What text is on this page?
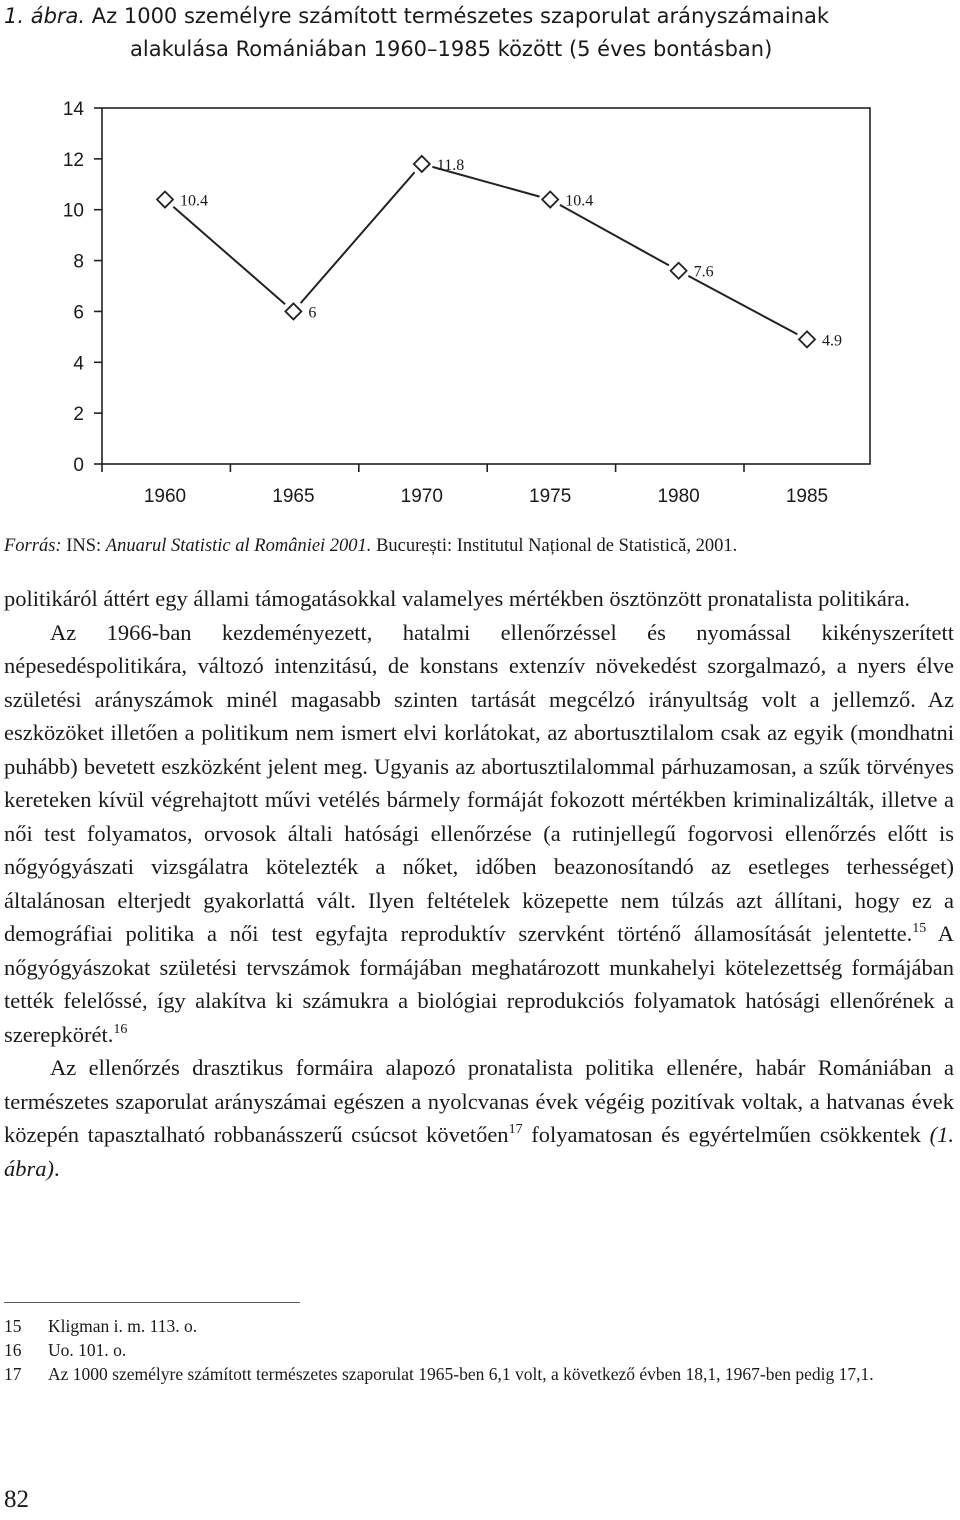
1. ábra. Az 1000 személyre számított természetes szaporulat arányszámainak
alakulása Romániában 1960–1985 között (5 éves bontásban)
0
2
4
6
8
10
12
14
1960	1965	1970	1975	1980	1985
10.4
6
11.8
10.4
7.6
4.9
Forrás: INS: Anuarul Statistic al României 2001. București: Institutul Național de Statistică, 2001.

politikáról áttért egy állami támogatásokkal valamelyes mértékben ösztönzött pronatalista politikára.

Az 1966-ban kezdeményezett, hatalmi ellenőrzéssel és nyomással kikényszerített népesedéspolitikára, változó intenzitású, de konstans extenzív növekedést szorgalmazó, a nyers élve születési arányszámok minél magasabb szinten tartását megcélzó irányultság volt a jellemző. Az eszközöket illetően a politikum nem ismert elvi korlátokat, az abortusztilalom csak az egyik (mondhatni puhább) bevetett eszközként jelent meg. Ugyanis az abortusztilalommal párhuzamosan, a szűk törvényes kereteken kívül végrehajtott művi vetélés bármely formáját fokozott mértékben kriminalizálták, illetve a női test folyamatos, orvosok általi hatósági ellenőrzése (a rutinjellegű fogorvosi ellenőrzés előtt is nőgyógyászati vizsgálatra kötelezték a nőket, időben beazonosítandó az esetleges terhességet) általánosan elterjedt gyakorlattá vált. Ilyen feltételek közepette nem túlzás azt állítani, hogy ez a demográfiai politika a női test egyfajta reproduktív szervként történő államosítását jelentette.$^{15}$ A nőgyógyászokat születési tervszámok formájában meghatározott munkahelyi kötelezettség formájában tették felelőssé, így alakítva ki számukra a biológiai reprodukciós folyamatok hatósági ellenőrének a szerepkörét.$^{16}$

Az ellenőrzés drasztikus formáira alapozó pronatalista politika ellenére, habár Romániában a természetes szaporulat arányszámai egészen a nyolcvanas évek végéig pozitívak voltak, a hatvanas évek közepén tapasztalható robbanásszerű csúcsot követően$^{17}$ folyamatosan és egyértelműen csökkentek (1. ábra).

15	Kligman i. m. 113. o.
16	Uo. 101. o.
17	Az 1000 személyre számított természetes szaporulat 1965-ben 6,1 volt, a következő évben 18,1, 1967-ben pedig 17,1.
82
